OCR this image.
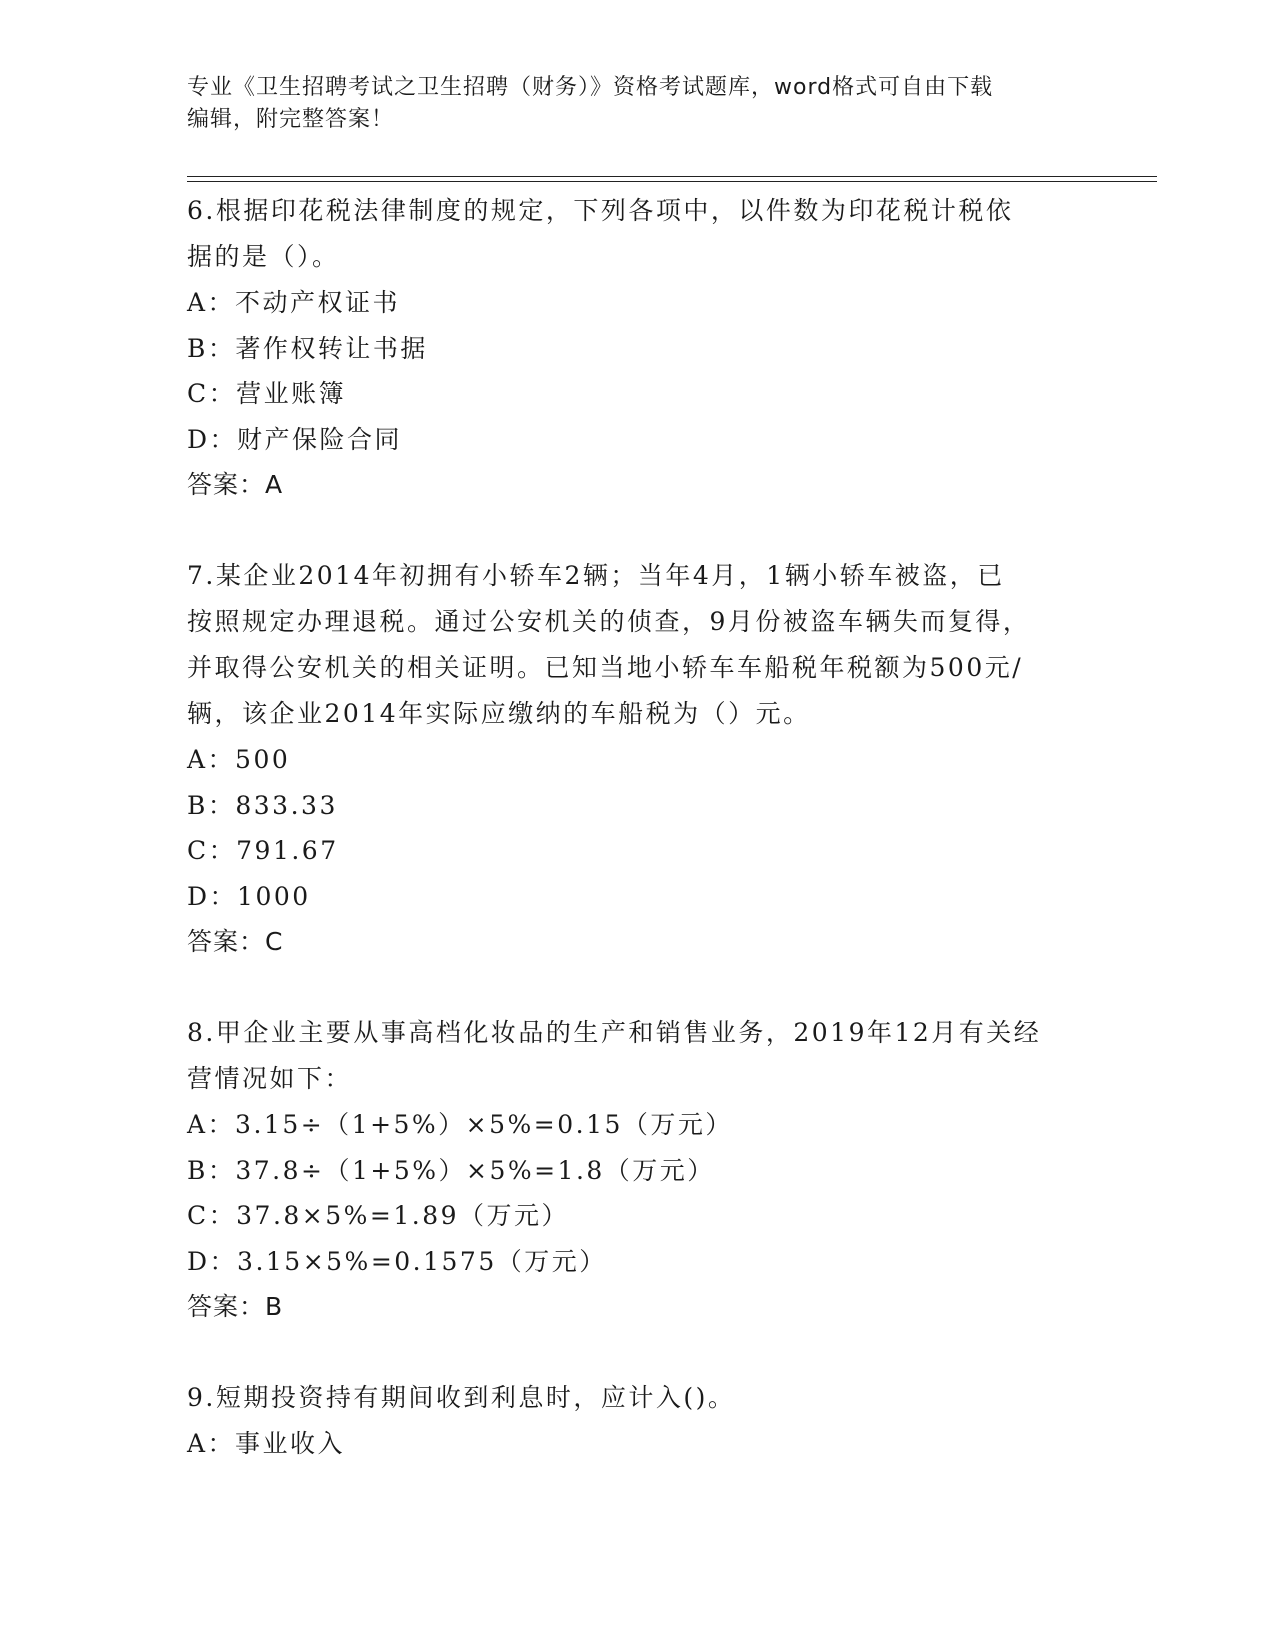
专业《卫生招聘考试之卫生招聘（财务）》资格考试题库，word格式可自由下载
编辑，附完整答案！

6.根据印花税法律制度的规定，下列各项中，以件数为印花税计税依

据的是（）。

A：不动产权证书

B：著作权转让书据

C：营业账簿

D：财产保险合同

答案：A

7.某企业2014年初拥有小轿车2辆；当年4月，1辆小轿车被盗，已

按照规定办理退税。通过公安机关的侦查，9月份被盗车辆失而复得，

并取得公安机关的相关证明。已知当地小轿车车船税年税额为500元/

辆，该企业2014年实际应缴纳的车船税为（）元。

A：500

B：833.33

C：791.67

D：1000

答案：C

8.甲企业主要从事高档化妆品的生产和销售业务，2019年12月有关经

营情况如下：

A：3.15÷（1+5%）×5%=0.15（万元）

B：37.8÷（1+5%）×5%=1.8（万元）

C：37.8×5%=1.89（万元）

D：3.15×5%=0.1575（万元）

答案：B

9.短期投资持有期间收到利息时，应计入()。

A：事业收入
